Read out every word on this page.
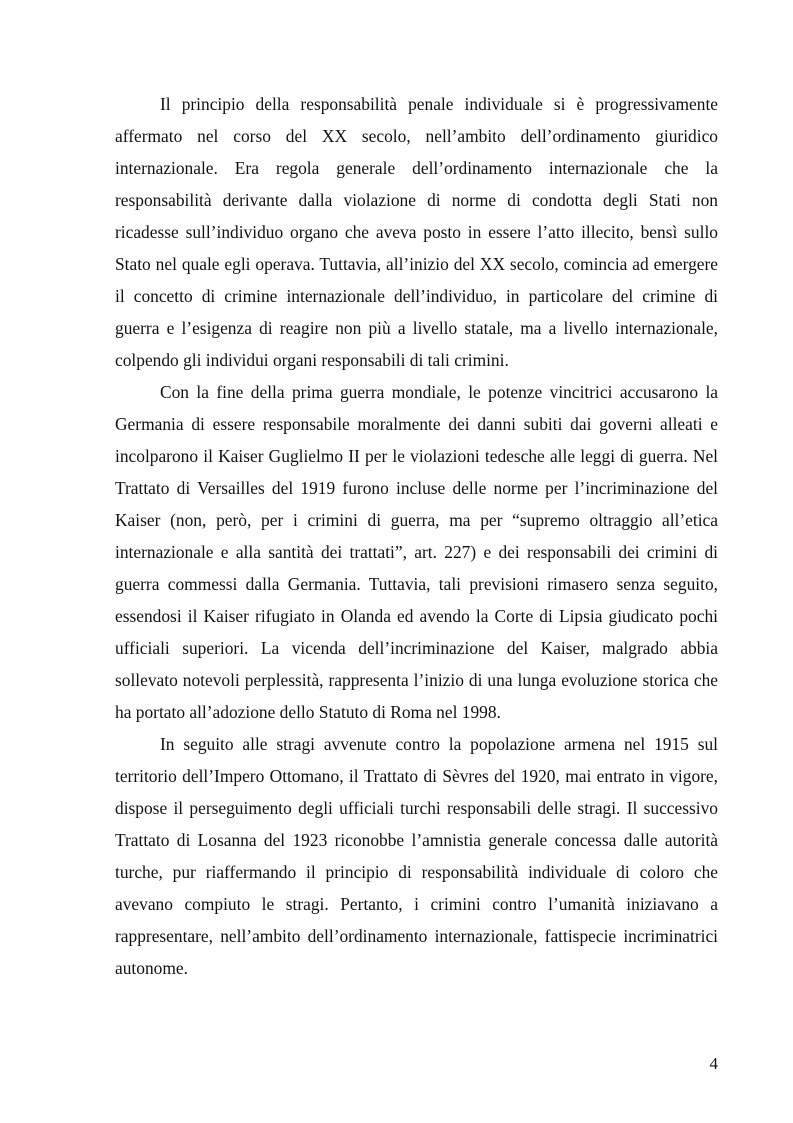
Il principio della responsabilità penale individuale si è progressivamente affermato nel corso del XX secolo, nell’ambito dell’ordinamento giuridico internazionale. Era regola generale dell’ordinamento internazionale che la responsabilità derivante dalla violazione di norme di condotta degli Stati non ricadesse sull’individuo organo che aveva posto in essere l’atto illecito, bensì sullo Stato nel quale egli operava. Tuttavia, all’inizio del XX secolo, comincia ad emergere il concetto di crimine internazionale dell’individuo, in particolare del crimine di guerra e l’esigenza di reagire non più a livello statale, ma a livello internazionale, colpendo gli individui organi responsabili di tali crimini.

Con la fine della prima guerra mondiale, le potenze vincitrici accusarono la Germania di essere responsabile moralmente dei danni subiti dai governi alleati e incolparono il Kaiser Guglielmo II per le violazioni tedesche alle leggi di guerra. Nel Trattato di Versailles del 1919 furono incluse delle norme per l’incriminazione del Kaiser (non, però, per i crimini di guerra, ma per “supremo oltraggio all’etica internazionale e alla santità dei trattati”, art. 227) e dei responsabili dei crimini di guerra commessi dalla Germania. Tuttavia, tali previsioni rimasero senza seguito, essendosi il Kaiser rifugiato in Olanda ed avendo la Corte di Lipsia giudicato pochi ufficiali superiori. La vicenda dell’incriminazione del Kaiser, malgrado abbia sollevato notevoli perplessità, rappresenta l’inizio di una lunga evoluzione storica che ha portato all’adozione dello Statuto di Roma nel 1998.

In seguito alle stragi avvenute contro la popolazione armena nel 1915 sul territorio dell’Impero Ottomano, il Trattato di Sèvres del 1920, mai entrato in vigore, dispose il perseguimento degli ufficiali turchi responsabili delle stragi. Il successivo Trattato di Losanna del 1923 riconobbe l’amnistia generale concessa dalle autorità turche, pur riaffermando il principio di responsabilità individuale di coloro che avevano compiuto le stragi. Pertanto, i crimini contro l’umanità iniziavano a rappresentare, nell’ambito dell’ordinamento internazionale, fattispecie incriminatrici autonome.

4
